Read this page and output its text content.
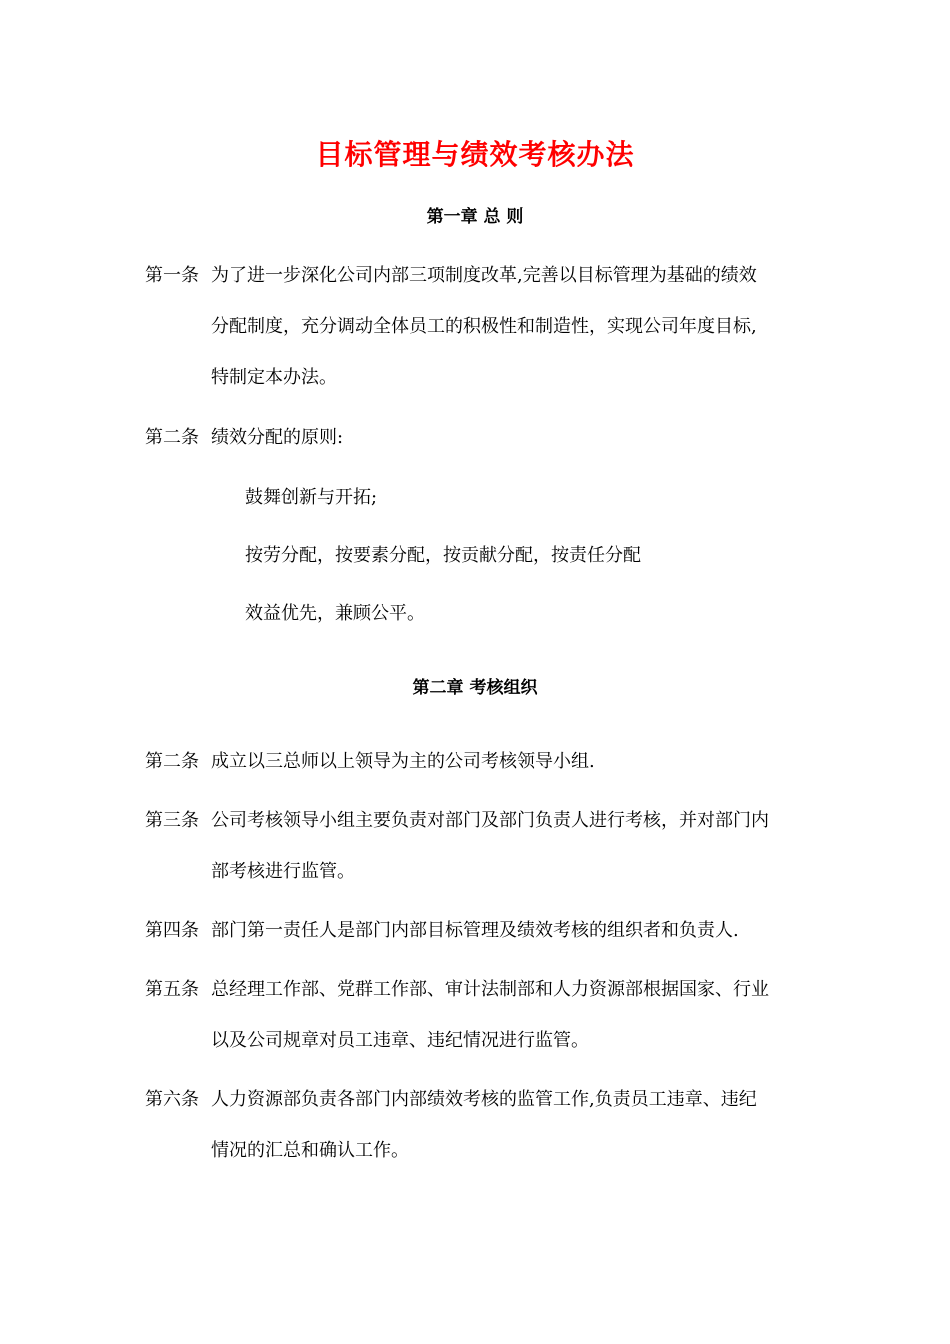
目标管理与绩效考核办法
第一章 总 则
第一条 为了进一步深化公司内部三项制度改革,完善以目标管理为基础的绩效
分配制度，充分调动全体员工的积极性和制造性，实现公司年度目标,
特制定本办法。
第二条 绩效分配的原则:
鼓舞创新与开拓;
按劳分配，按要素分配，按贡献分配，按责任分配
效益优先，兼顾公平。
第二章 考核组织
第二条 成立以三总师以上领导为主的公司考核领导小组.
第三条 公司考核领导小组主要负责对部门及部门负责人进行考核，并对部门内
部考核进行监管。
第四条 部门第一责任人是部门内部目标管理及绩效考核的组织者和负责人.
第五条 总经理工作部、党群工作部、审计法制部和人力资源部根据国家、行业
以及公司规章对员工违章、违纪情况进行监管。
第六条 人力资源部负责各部门内部绩效考核的监管工作,负责员工违章、违纪
情况的汇总和确认工作。
